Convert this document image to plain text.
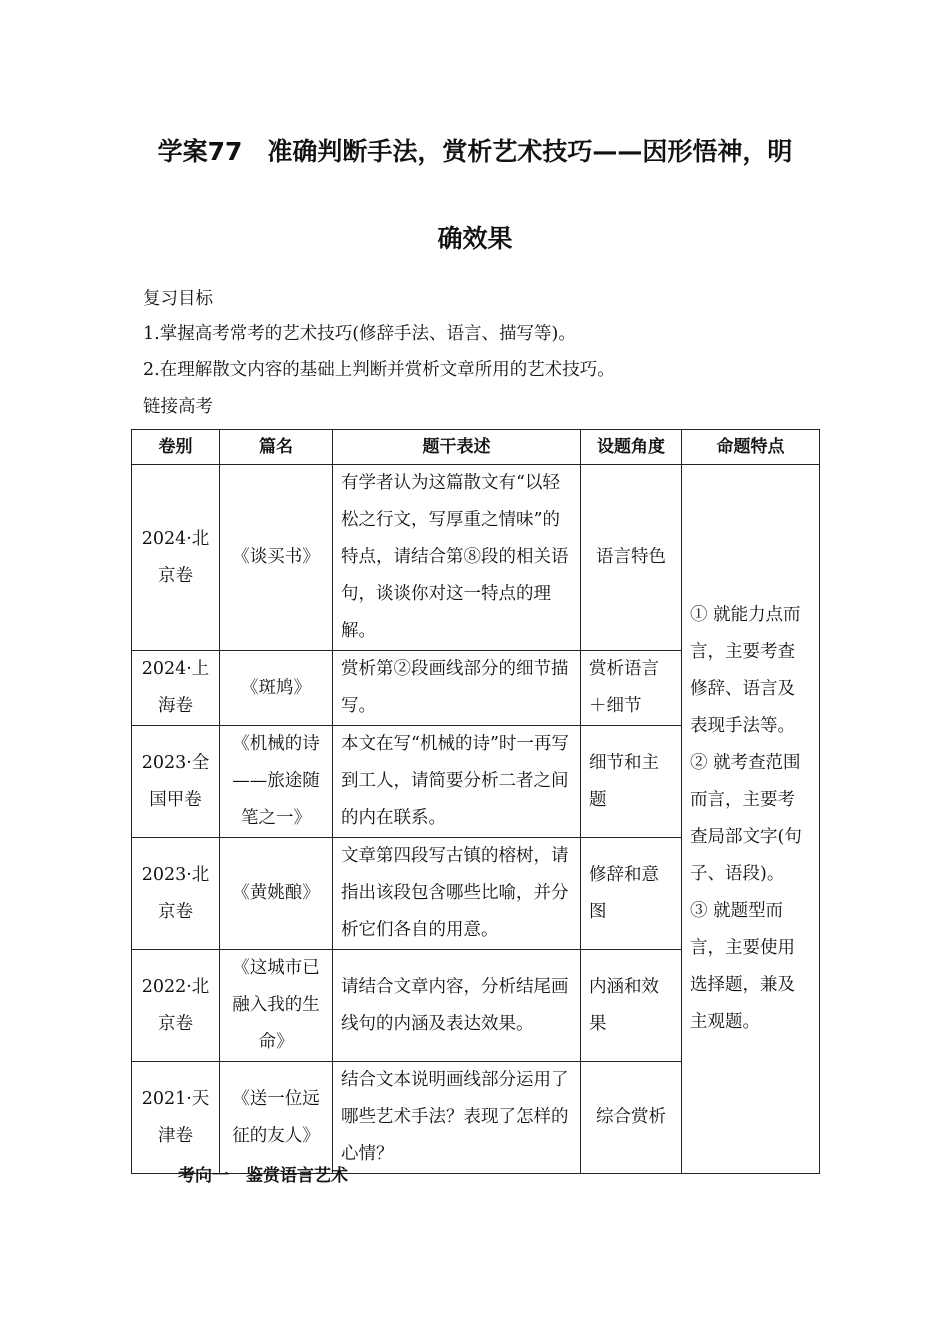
学案77　准确判断手法，赏析艺术技巧——因形悟神，明
确效果
复习目标
1.掌握高考常考的艺术技巧(修辞手法、语言、描写等)。
2.在理解散文内容的基础上判断并赏析文章所用的艺术技巧。
链接高考
卷别	篇名	题干表述	设题角度	命题特点
2024·北京卷	《谈买书》	有学者认为这篇散文有“以轻松之行文，写厚重之情味”的特点，请结合第⑧段的相关语句，谈谈你对这一特点的理解。	语言特色	① 就能力点而言，主要考查修辞、语言及表现手法等。

② 就考查范围而言，主要考查局部文字(句子、语段)。

③ 就题型而言，主要使用选择题，兼及主观题。

2024·上海卷	《斑鸠》	赏析第②段画线部分的细节描写。	赏析语言＋细节	
2023·全国甲卷	《机械的诗——旅途随笔之一》	本文在写“机械的诗”时一再写到工人，请简要分析二者之间的内在联系。	细节和主题	
2023·北京卷	《黄姚酿》	文章第四段写古镇的榕树，请指出该段包含哪些比喻，并分析它们各自的用意。	修辞和意图	
2022·北京卷	《这城市已融入我的生命》	请结合文章内容，分析结尾画线句的内涵及表达效果。	内涵和效果	
2021·天津卷	《送一位远征的友人》	结合文本说明画线部分运用了哪些艺术手法？表现了怎样的心情？	综合赏析	
考向一　鉴赏语言艺术
